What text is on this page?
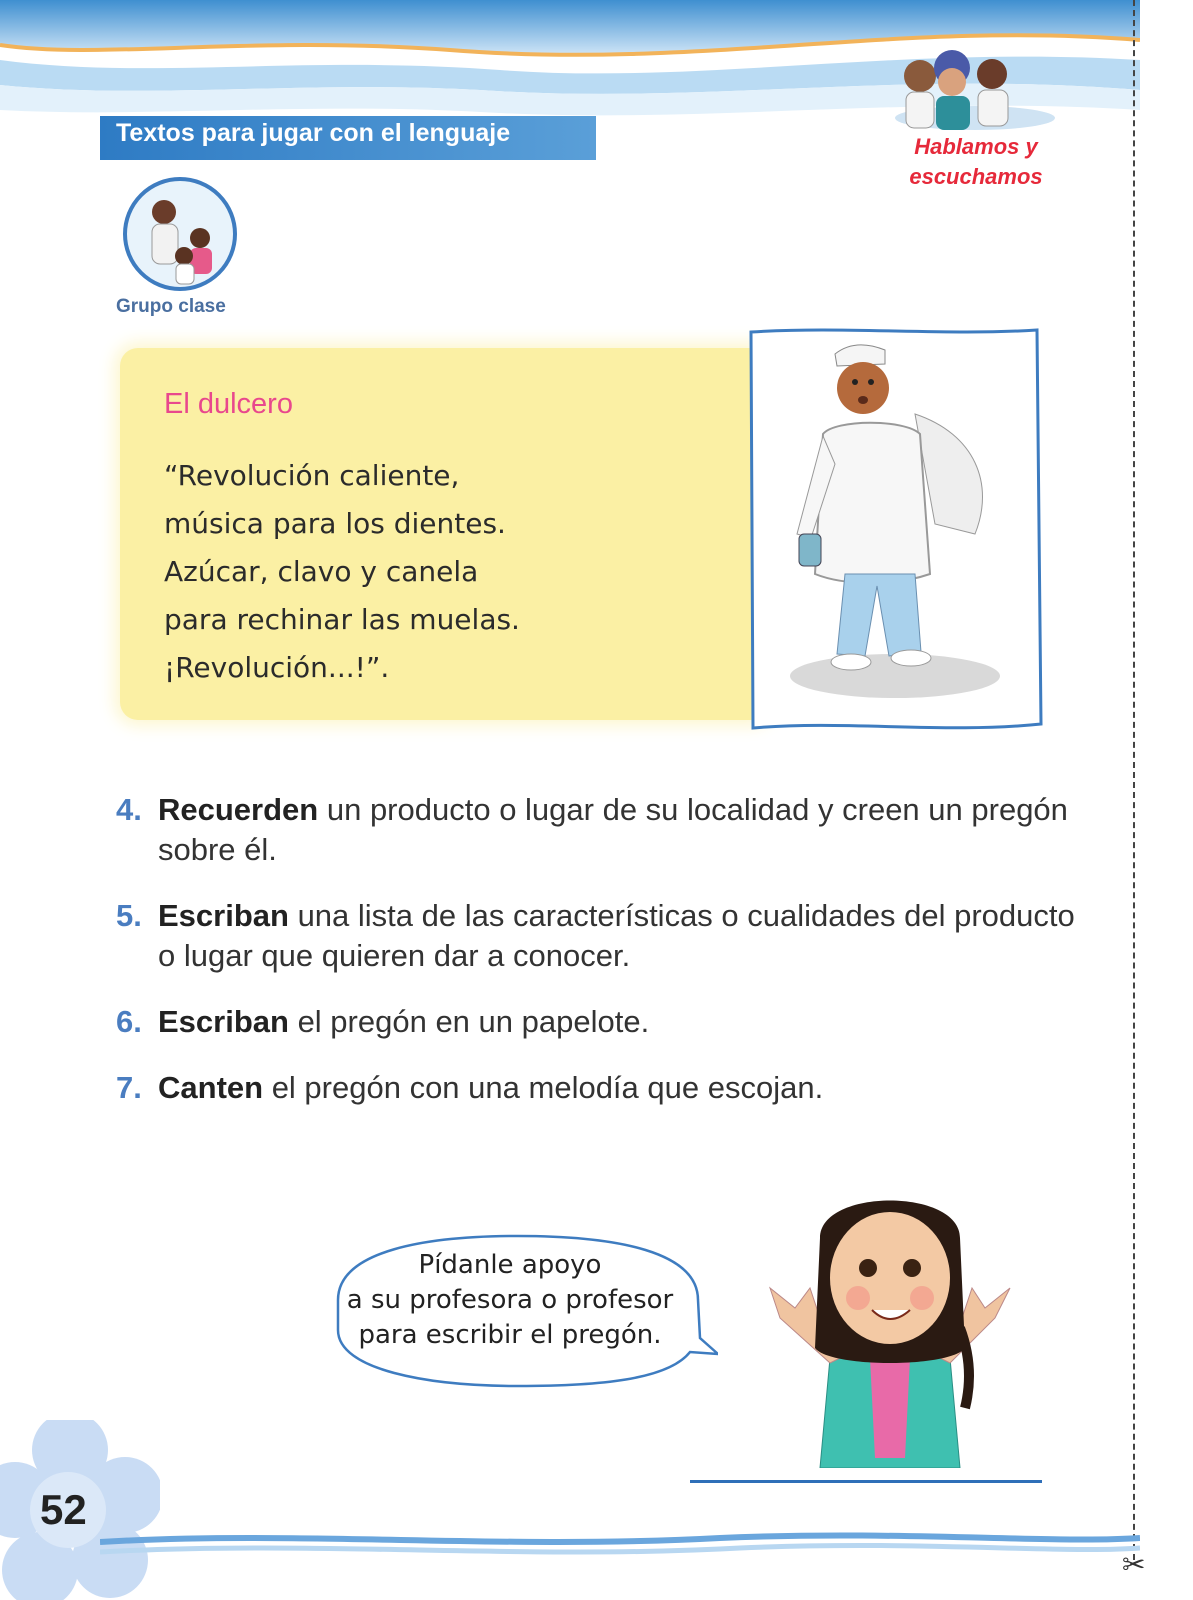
✂
Textos para jugar con el lenguaje	Hablamos y
escuchamos
Grupo clase
El dulcero
“Revolución caliente,
música para los dientes.
Azúcar, clavo y canela
para rechinar las muelas.
¡Revolución...!”.
4. Recuerden un producto o lugar de su localidad y creen un pregón sobre él.
5. Escriban una lista de las características o cualidades del producto o lugar que quieren dar a conocer.
6. Escriban el pregón en un papelote.
7. Canten el pregón con una melodía que escojan.
Pídanle apoyo
a su profesora o profesor
para escribir el pregón.
52
